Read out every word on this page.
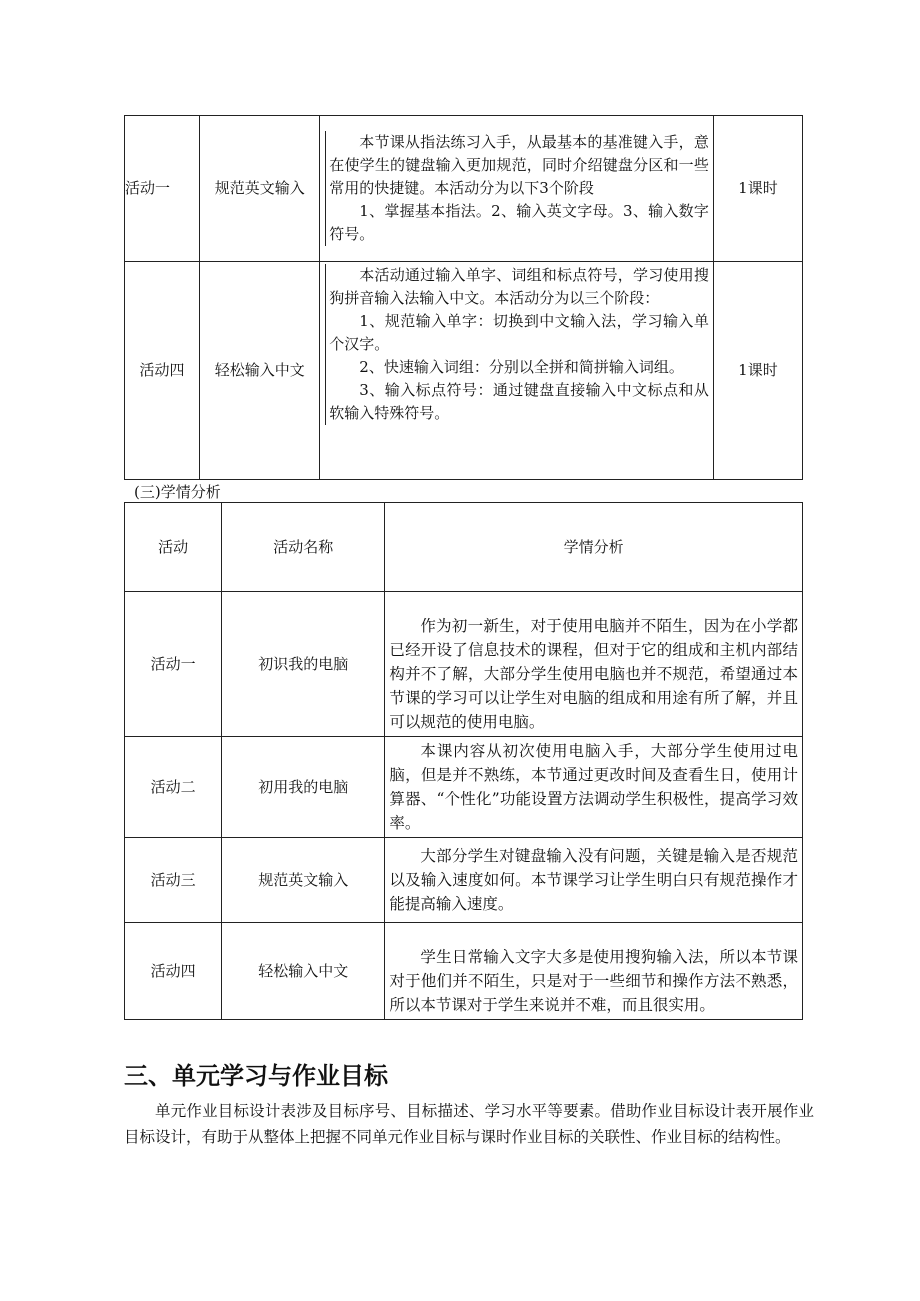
活动一	规范英文输入	本节课从指法练习入手，从最基本的基准键入手，意在使学生的键盘输入更加规范，同时介绍键盘分区和一些常用的快捷键。本活动分为以下3个阶段

1、掌握基本指法。2、输入英文字母。3、输入数字符号。	1课时
活动四	轻松输入中文	本活动通过输入单字、词组和标点符号，学习使用搜狗拼音输入法输入中文。本活动分为以三个阶段：

1、规范输入单字：切换到中文输入法，学习输入单个汉字。

2、快速输入词组：分别以全拼和简拼输入词组。

3、输入标点符号：通过键盘直接输入中文标点和从软输入特殊符号。	1课时
(三)学情分析
活动	活动名称	学情分析
活动一	初识我的电脑	作为初一新生，对于使用电脑并不陌生，因为在小学都已经开设了信息技术的课程，但对于它的组成和主机内部结构并不了解，大部分学生使用电脑也并不规范，希望通过本节课的学习可以让学生对电脑的组成和用途有所了解，并且可以规范的使用电脑。

活动二	初用我的电脑	本课内容从初次使用电脑入手，大部分学生使用过电脑，但是并不熟练，本节通过更改时间及查看生日，使用计算器、“个性化”功能设置方法调动学生积极性，提高学习效率。

活动三	规范英文输入	大部分学生对键盘输入没有问题，关键是输入是否规范以及输入速度如何。本节课学习让学生明白只有规范操作才能提高输入速度。

活动四	轻松输入中文	学生日常输入文字大多是使用搜狗输入法，所以本节课对于他们并不陌生，只是对于一些细节和操作方法不熟悉，所以本节课对于学生来说并不难，而且很实用。

三、单元学习与作业目标

单元作业目标设计表涉及目标序号、目标描述、学习水平等要素。借助作业目标设计表开展作业目标设计，有助于从整体上把握不同单元作业目标与课时作业目标的关联性、作业目标的结构性。
